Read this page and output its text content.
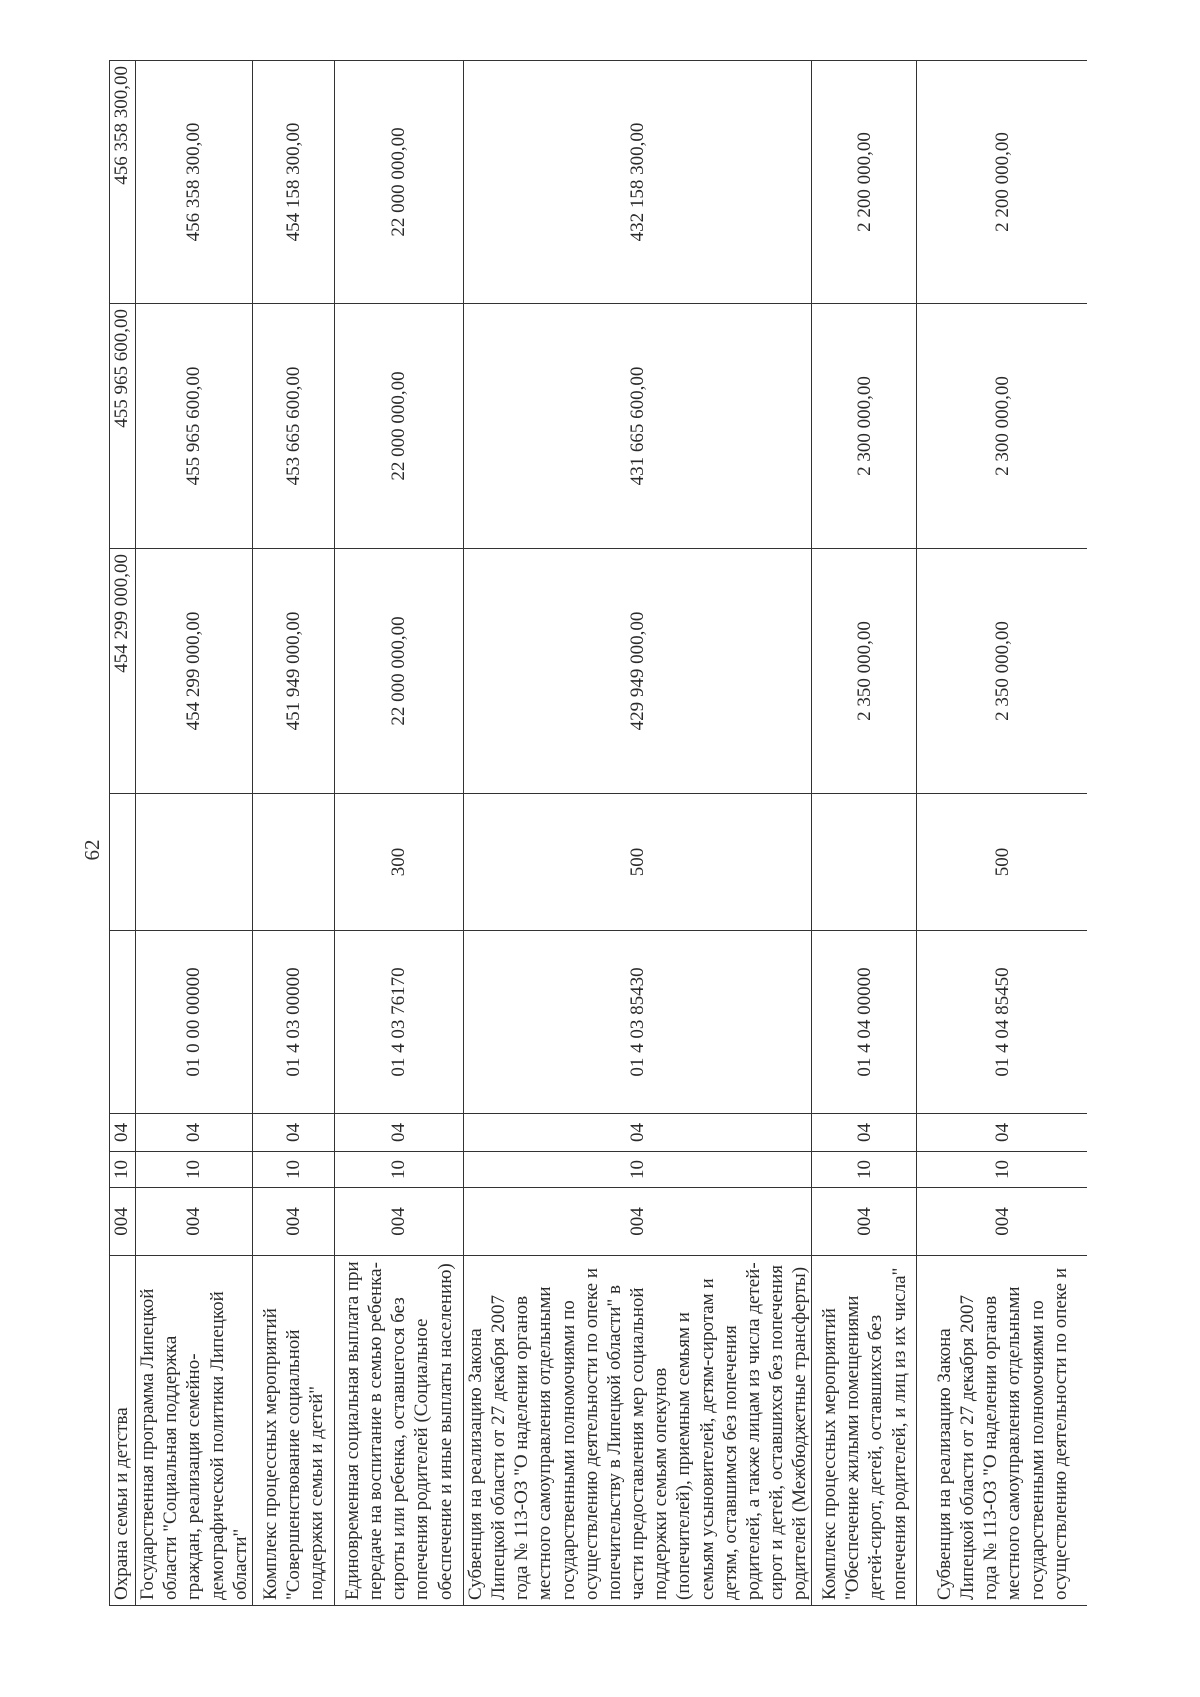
62
Охрана семьи и детства	004	10	04			454 299 000,00	455 965 600,00	456 358 300,00
Государственная программа Липецкой области "Социальная поддержка граждан, реализация семейно-демографической политики Липецкой области"	004	10	04	01 0 00 00000		454 299 000,00	455 965 600,00	456 358 300,00
Комплекс процессных мероприятий "Совершенствование социальной поддержки семьи и детей"	004	10	04	01 4 03 00000		451 949 000,00	453 665 600,00	454 158 300,00
Единовременная социальная выплата при передаче на воспитание в семью ребенка-сироты или ребенка, оставшегося без попечения родителей (Социальное обеспечение и иные выплаты населению)	004	10	04	01 4 03 76170	300	22 000 000,00	22 000 000,00	22 000 000,00
Субвенция на реализацию Закона Липецкой области от 27 декабря 2007 года № 113-ОЗ "О наделении органов местного самоуправления отдельными государственными полномочиями по осуществлению деятельности по опеке и попечительству в Липецкой области" в части предоставления мер социальной поддержки семьям опекунов (попечителей), приемным семьям и семьям усыновителей, детям-сиротам и детям, оставшимся без попечения родителей, а также лицам из числа детей-сирот и детей, оставшихся без попечения родителей (Межбюджетные трансферты)	004	10	04	01 4 03 85430	500	429 949 000,00	431 665 600,00	432 158 300,00
Комплекс процессных мероприятий "Обеспечение жилыми помещениями детей-сирот, детей, оставшихся без попечения родителей, и лиц из их числа"	004	10	04	01 4 04 00000		2 350 000,00	2 300 000,00	2 200 000,00
Субвенция на реализацию Закона Липецкой области от 27 декабря 2007 года № 113-ОЗ "О наделении органов местного самоуправления отдельными государственными полномочиями по осуществлению деятельности по опеке и	004	10	04	01 4 04 85450	500	2 350 000,00	2 300 000,00	2 200 000,00
